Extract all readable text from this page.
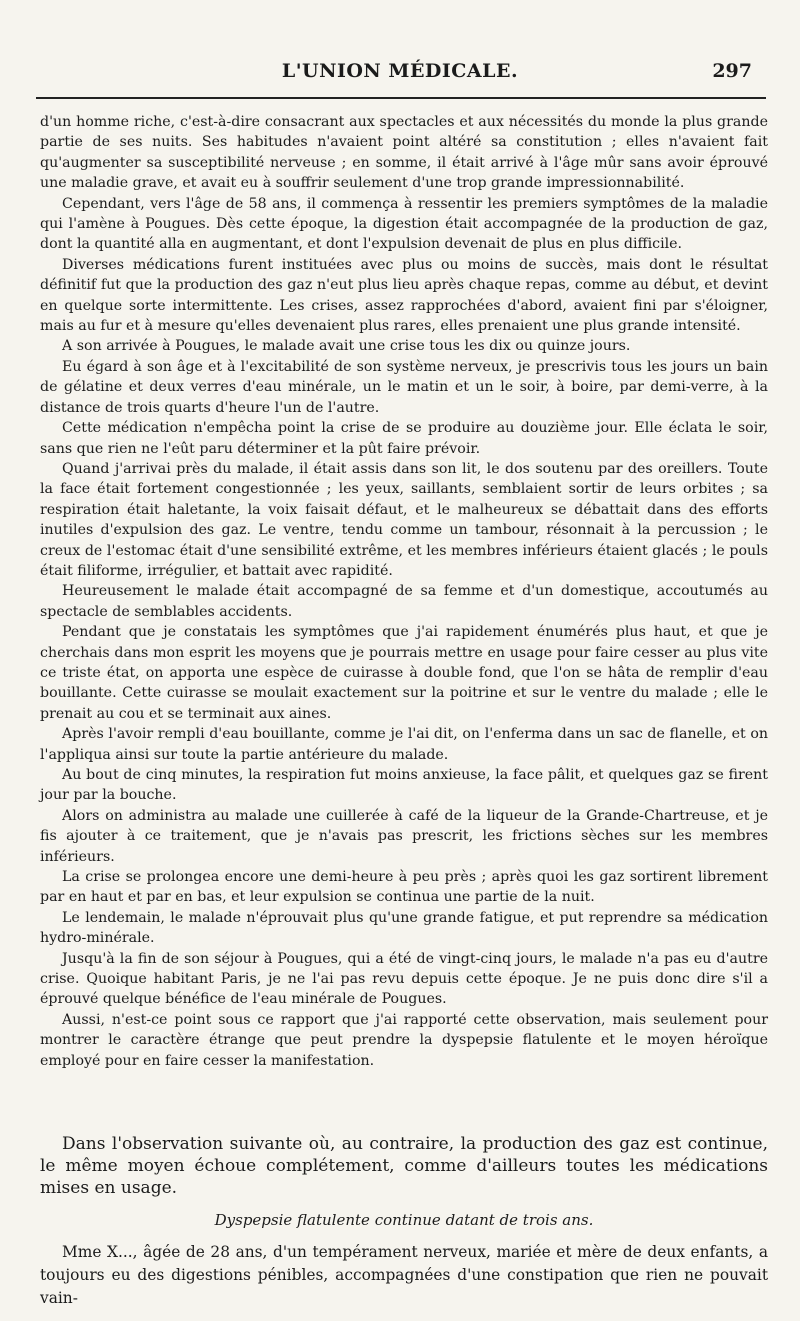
L'UNION MÉDICALE.	297

d'un homme riche, c'est-à-dire consacrant aux spectacles et aux nécessités du monde la plus grande partie de ses nuits. Ses habitudes n'avaient point altéré sa constitution ; elles n'avaient fait qu'augmenter sa susceptibilité nerveuse ; en somme, il était arrivé à l'âge mûr sans avoir éprouvé une maladie grave, et avait eu à souffrir seulement d'une trop grande impressionnabilité.

Cependant, vers l'âge de 58 ans, il commença à ressentir les premiers symptômes de la maladie qui l'amène à Pougues. Dès cette époque, la digestion était accompagnée de la production de gaz, dont la quantité alla en augmentant, et dont l'expulsion devenait de plus en plus difficile.

Diverses médications furent instituées avec plus ou moins de succès, mais dont le résultat définitif fut que la production des gaz n'eut plus lieu après chaque repas, comme au début, et devint en quelque sorte intermittente. Les crises, assez rapprochées d'abord, avaient fini par s'éloigner, mais au fur et à mesure qu'elles devenaient plus rares, elles prenaient une plus grande intensité.

A son arrivée à Pougues, le malade avait une crise tous les dix ou quinze jours.

Eu égard à son âge et à l'excitabilité de son système nerveux, je prescrivis tous les jours un bain de gélatine et deux verres d'eau minérale, un le matin et un le soir, à boire, par demi-verre, à la distance de trois quarts d'heure l'un de l'autre.

Cette médication n'empêcha point la crise de se produire au douzième jour. Elle éclata le soir, sans que rien ne l'eût paru déterminer et la pût faire prévoir.

Quand j'arrivai près du malade, il était assis dans son lit, le dos soutenu par des oreillers. Toute la face était fortement congestionnée ; les yeux, saillants, semblaient sortir de leurs orbites ; sa respiration était haletante, la voix faisait défaut, et le malheureux se débattait dans des efforts inutiles d'expulsion des gaz. Le ventre, tendu comme un tambour, résonnait à la percussion ; le creux de l'estomac était d'une sensibilité extrême, et les membres inférieurs étaient glacés ; le pouls était filiforme, irrégulier, et battait avec rapidité.

Heureusement le malade était accompagné de sa femme et d'un domestique, accoutumés au spectacle de semblables accidents.

Pendant que je constatais les symptômes que j'ai rapidement énumérés plus haut, et que je cherchais dans mon esprit les moyens que je pourrais mettre en usage pour faire cesser au plus vite ce triste état, on apporta une espèce de cuirasse à double fond, que l'on se hâta de remplir d'eau bouillante. Cette cuirasse se moulait exactement sur la poitrine et sur le ventre du malade ; elle le prenait au cou et se terminait aux aines.

Après l'avoir rempli d'eau bouillante, comme je l'ai dit, on l'enferma dans un sac de flanelle, et on l'appliqua ainsi sur toute la partie antérieure du malade.

Au bout de cinq minutes, la respiration fut moins anxieuse, la face pâlit, et quelques gaz se firent jour par la bouche.

Alors on administra au malade une cuillerée à café de la liqueur de la Grande-Chartreuse, et je fis ajouter à ce traitement, que je n'avais pas prescrit, les frictions sèches sur les membres inférieurs.

La crise se prolongea encore une demi-heure à peu près ; après quoi les gaz sortirent librement par en haut et par en bas, et leur expulsion se continua une partie de la nuit.

Le lendemain, le malade n'éprouvait plus qu'une grande fatigue, et put reprendre sa médication hydro-minérale.

Jusqu'à la fin de son séjour à Pougues, qui a été de vingt-cinq jours, le malade n'a pas eu d'autre crise. Quoique habitant Paris, je ne l'ai pas revu depuis cette époque. Je ne puis donc dire s'il a éprouvé quelque bénéfice de l'eau minérale de Pougues.

Aussi, n'est-ce point sous ce rapport que j'ai rapporté cette observation, mais seulement pour montrer le caractère étrange que peut prendre la dyspepsie flatulente et le moyen héroïque employé pour en faire cesser la manifestation.

Dans l'observation suivante où, au contraire, la production des gaz est continue, le même moyen échoue complétement, comme d'ailleurs toutes les médications mises en usage.

Dyspepsie flatulente continue datant de trois ans.

Mme X..., âgée de 28 ans, d'un tempérament nerveux, mariée et mère de deux enfants, a toujours eu des digestions pénibles, accompagnées d'une constipation que rien ne pouvait vain-
